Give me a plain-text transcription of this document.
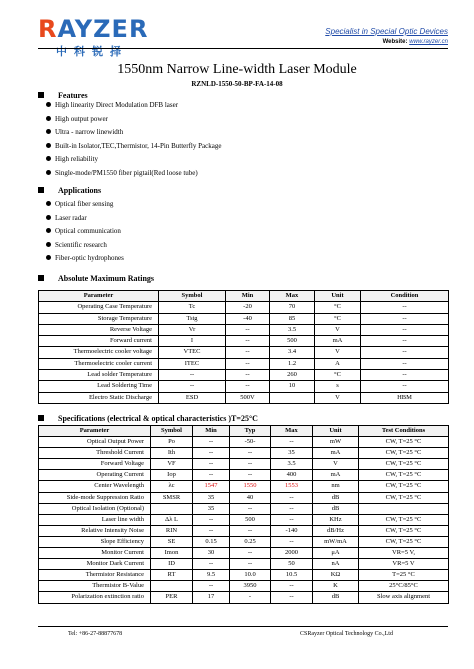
RAYZER
中科锐择
Specialist in Special Optic Devices
Website: www.rayzer.cn
1550nm Narrow Line-width Laser Module
RZNLD-1550-50-BP-FA-14-08
Features
High linearity Direct Modulation DFB laser
High output power
Ultra - narrow linewidth
Built-in Isolator,TEC,Thermistor, 14-Pin Butterfly Package
High reliability
Single-mode/PM1550 fiber pigtail(Red loose tube)
Applications
Optical fiber sensing
Laser radar
Optical communication
Scientific research
Fiber-optic hydrophones
Absolute Maximum Ratings
Parameter	Symbol	Min	Max	Unit	Condition
Operating Case Temperature	Tc	-20	70	°C	--
Storage Temperature	Tstg	-40	85	°C	--
Reverse Voltage	Vr	--	3.5	V	--
Forward current	I	--	500	mA	--
Thermoelectric cooler voltage	VTEC	--	3.4	V	--
Thermoelectric cooler current	ITEC	--	1.2	A	--
Lead solder Temperature	--	--	260	°C	--
Lead Soldering Time	--	--	10	s	--
Electro Static Discharge	ESD	500V		V	HBM
Specifications (electrical & optical characteristics )T=25°C
Parameter	Symbol	Min	Typ	Max	Unit	Test Conditions
Optical Output Power	Po	--	-50-	--	mW	CW, T=25 °C
Threshold Current	Ith	--	--	35	mA	CW, T=25 °C
Forward Voltage	VF	--	--	3.5	V	CW, T=25 °C
Operating Current	Iop	--	--	400	mA	CW, T=25 °C
Center Wavelength	λc	1547	1550	1553	nm	CW, T=25 °C
Side-mode Suppression Ratio	SMSR	35	40	--	dB	CW, T=25 °C
Optical Isolation (Optional)		35	--	--	dB	
Laser line width	Δλ L	--	500	--	KHz	CW, T=25 °C
Relative Intensity Noise	RIN	--	--	-140	dB/Hz	CW, T=25 °C
Slope Efficiency	SE	0.15	0.25	--	mW/mA	CW, T=25 °C
Monitor Current	Imon	30	--	2000	μA	VR=5 V,
Monitor Dark Current	ID	--	--	50	nA	VR=5 V
Thermistor Resistance	RT	9.5	10.0	10.5	KΩ	T=25 °C
Thermistor B-Value		--	3950	--	K	25°C/85°C
Polarization extinction ratio	PER	17	-	--	dB	Slow axis alignment
Tel: +86-27-88877678	CSRayzer Optical Technology Co.,Ltd
